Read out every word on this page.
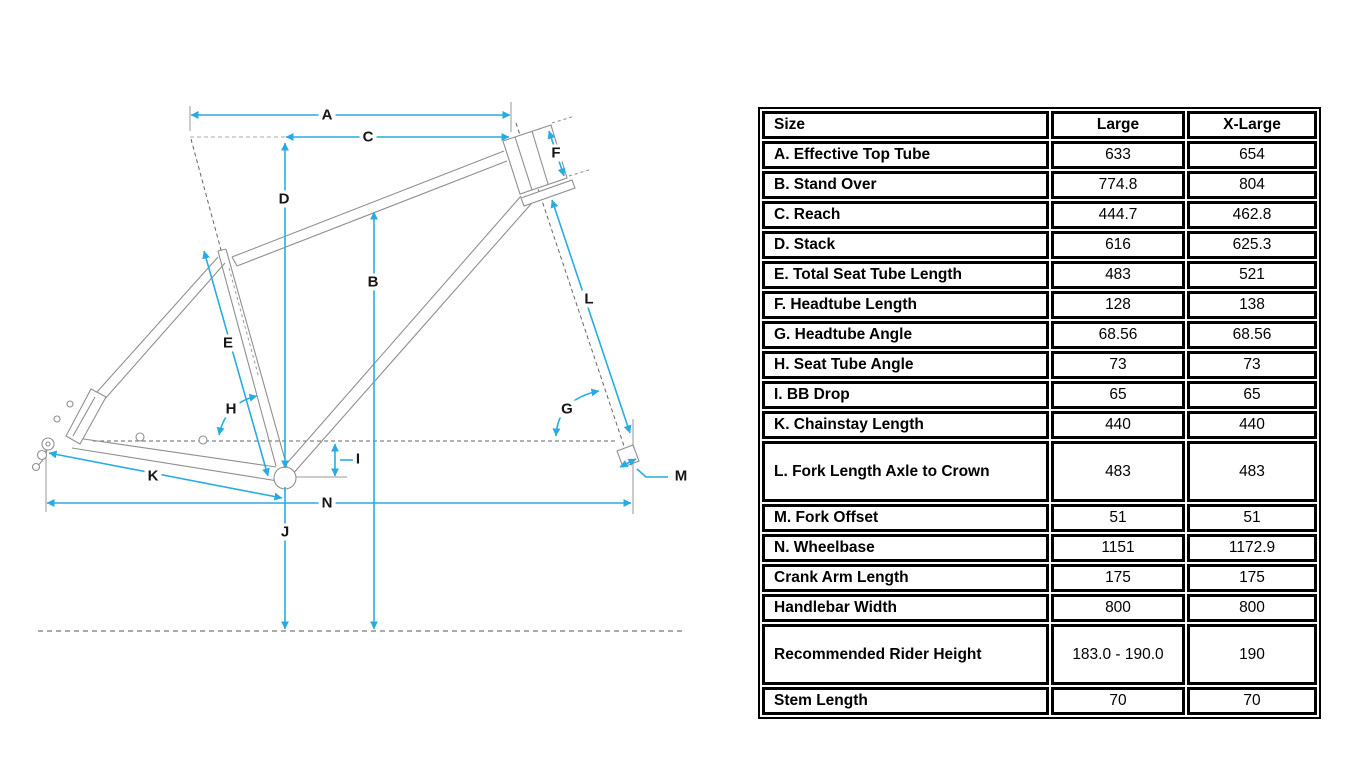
A
C
D
B
E
F
G
H
I
J
K
L
M
N
Size	Large	X-Large
A. Effective Top Tube	633	654
B. Stand Over	774.8	804
C. Reach	444.7	462.8
D. Stack	616	625.3
E. Total Seat Tube Length	483	521
F. Headtube Length	128	138
G. Headtube Angle	68.56	68.56
H. Seat Tube Angle	73	73
I. BB Drop	65	65
K. Chainstay Length	440	440
L. Fork Length Axle to Crown	483	483
M. Fork Offset	51	51
N. Wheelbase	1151	1172.9
Crank Arm Length	175	175
Handlebar Width	800	800
Recommended Rider Height	183.0 - 190.0	190
Stem Length	70	70
